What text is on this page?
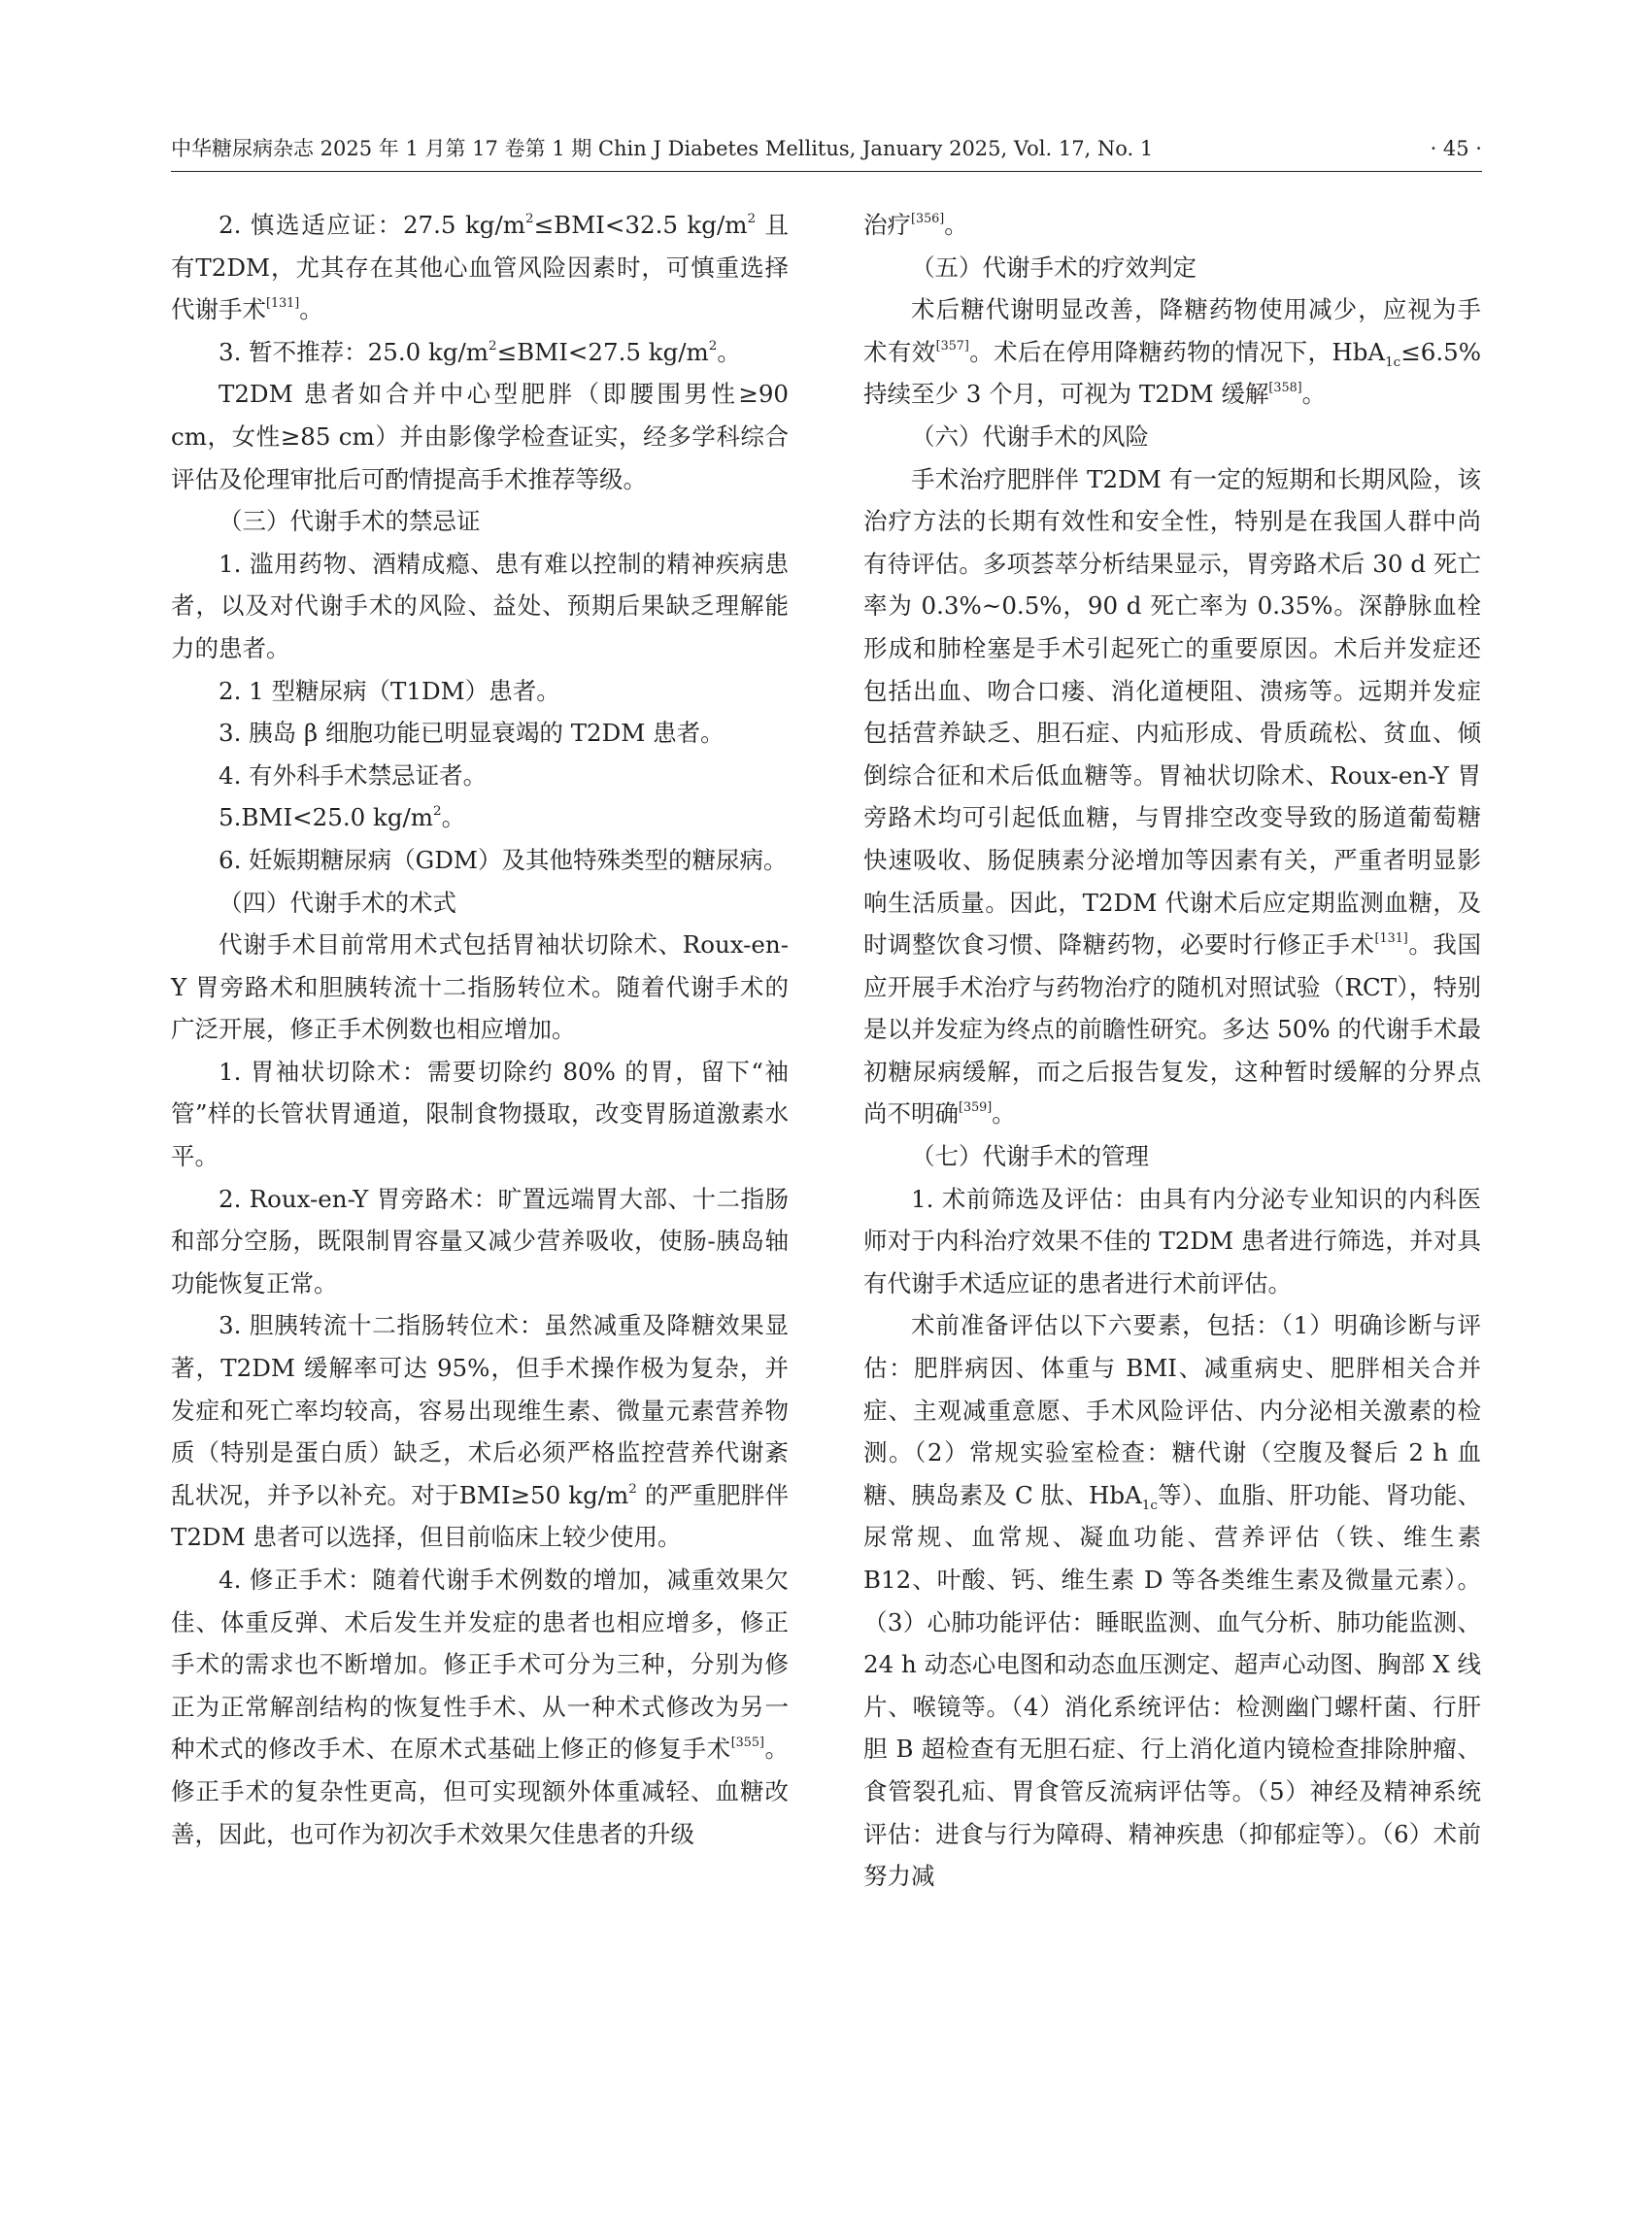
中华糖尿病杂志 2025 年 1 月第 17 卷第 1 期 Chin J Diabetes Mellitus, January 2025, Vol. 17, No. 1	· 45 ·

2. 慎选适应证：27.5 $kg/m^2\le BMI<32.5$ $kg/m^2$ 且有T2DM，尤其存在其他心血管风险因素时，可慎重选择代谢手术[131]。

3. 暂不推荐：25.0 $kg/m^2\le BMI<27.5$ $kg/m^2$。

T2DM 患者如合并中心型肥胖（即腰围男性≥90 cm，女性≥85 cm）并由影像学检查证实，经多学科综合评估及伦理审批后可酌情提高手术推荐等级。

（三）代谢手术的禁忌证

1. 滥用药物、酒精成瘾、患有难以控制的精神疾病患者，以及对代谢手术的风险、益处、预期后果缺乏理解能力的患者。

2. 1 型糖尿病（T1DM）患者。

3. 胰岛 β 细胞功能已明显衰竭的 T2DM 患者。

4. 有外科手术禁忌证者。

5.BMI<25.0 $kg/m^2$。

6. 妊娠期糖尿病（GDM）及其他特殊类型的糖尿病。

（四）代谢手术的术式

代谢手术目前常用术式包括胃袖状切除术、Roux-en-Y 胃旁路术和胆胰转流十二指肠转位术。随着代谢手术的广泛开展，修正手术例数也相应增加。

1. 胃袖状切除术：需要切除约 80% 的胃，留下“袖管”样的长管状胃通道，限制食物摄取，改变胃肠道激素水平。

2. Roux-en-Y 胃旁路术：旷置远端胃大部、十二指肠和部分空肠，既限制胃容量又减少营养吸收，使肠-胰岛轴功能恢复正常。

3. 胆胰转流十二指肠转位术：虽然减重及降糖效果显著，T2DM 缓解率可达 95%，但手术操作极为复杂，并发症和死亡率均较高，容易出现维生素、微量元素营养物质（特别是蛋白质）缺乏，术后必须严格监控营养代谢紊乱状况，并予以补充。对于BMI≥50 $kg/m^2$ 的严重肥胖伴 T2DM 患者可以选择，但目前临床上较少使用。

4. 修正手术：随着代谢手术例数的增加，减重效果欠佳、体重反弹、术后发生并发症的患者也相应增多，修正手术的需求也不断增加。修正手术可分为三种，分别为修正为正常解剖结构的恢复性手术、从一种术式修改为另一种术式的修改手术、在原术式基础上修正的修复手术[355]。修正手术的复杂性更高，但可实现额外体重减轻、血糖改善，因此，也可作为初次手术效果欠佳患者的升级

治疗[356]。

（五）代谢手术的疗效判定

术后糖代谢明显改善，降糖药物使用减少，应视为手术有效[357]。术后在停用降糖药物的情况下，HbA$_{1c}$≤6.5% 持续至少 3 个月，可视为 T2DM 缓解[358]。

（六）代谢手术的风险

手术治疗肥胖伴 T2DM 有一定的短期和长期风险，该治疗方法的长期有效性和安全性，特别是在我国人群中尚有待评估。多项荟萃分析结果显示，胃旁路术后 30 d 死亡率为 0.3%~0.5%，90 d 死亡率为 0.35%。深静脉血栓形成和肺栓塞是手术引起死亡的重要原因。术后并发症还包括出血、吻合口瘘、消化道梗阻、溃疡等。远期并发症包括营养缺乏、胆石症、内疝形成、骨质疏松、贫血、倾倒综合征和术后低血糖等。胃袖状切除术、Roux-en-Y 胃旁路术均可引起低血糖，与胃排空改变导致的肠道葡萄糖快速吸收、肠促胰素分泌增加等因素有关，严重者明显影响生活质量。因此，T2DM 代谢术后应定期监测血糖，及时调整饮食习惯、降糖药物，必要时行修正手术[131]。我国应开展手术治疗与药物治疗的随机对照试验（RCT），特别是以并发症为终点的前瞻性研究。多达 50% 的代谢手术最初糖尿病缓解，而之后报告复发，这种暂时缓解的分界点尚不明确[359]。

（七）代谢手术的管理

1. 术前筛选及评估：由具有内分泌专业知识的内科医师对于内科治疗效果不佳的 T2DM 患者进行筛选，并对具有代谢手术适应证的患者进行术前评估。

术前准备评估以下六要素，包括：（1）明确诊断与评估：肥胖病因、体重与 BMI、减重病史、肥胖相关合并症、主观减重意愿、手术风险评估、内分泌相关激素的检测。（2）常规实验室检查：糖代谢（空腹及餐后 2 h 血糖、胰岛素及 C 肽、HbA$_{1c}$等）、血脂、肝功能、肾功能、尿常规、血常规、凝血功能、营养评估（铁、维生素 B12、叶酸、钙、维生素 D 等各类维生素及微量元素）。（3）心肺功能评估：睡眠监测、血气分析、肺功能监测、24 h 动态心电图和动态血压测定、超声心动图、胸部 X 线片、喉镜等。（4）消化系统评估：检测幽门螺杆菌、行肝胆 B 超检查有无胆石症、行上消化道内镜检查排除肿瘤、食管裂孔疝、胃食管反流病评估等。（5）神经及精神系统评估：进食与行为障碍、精神疾患（抑郁症等）。（6）术前努力减
